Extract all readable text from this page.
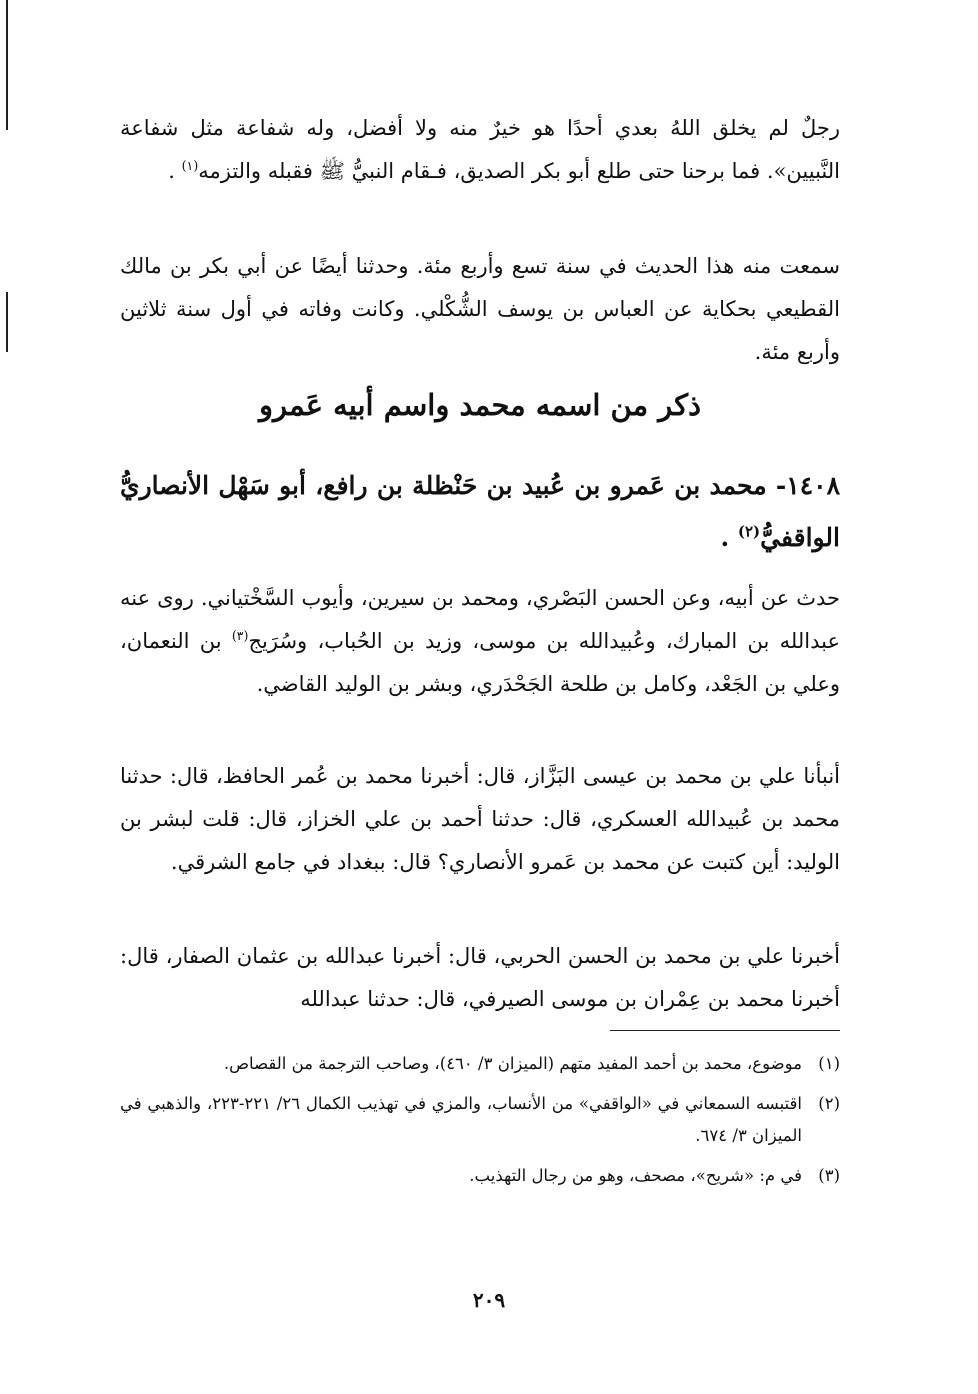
رجلٌ لم يخلق اللهُ بعدي أحدًا هو خيرٌ منه ولا أفضل، وله شفاعة مثل شفاعة النَّبيين». فما برحنا حتى طلع أبو بكر الصديق، فـقام النبيُّ ﷺ فقبله والتزمه$^{(١)}$ .

سمعت منه هذا الحديث في سنة تسع وأربع مئة. وحدثنا أيضًا عن أبي بكر بن مالك القطيعي بحكاية عن العباس بن يوسف الشُّكْلي. وكانت وفاته في أول سنة ثلاثين وأربع مئة.

ذكر من اسمه محمد واسم أبيه عَمرو
١٤٠٨- محمد بن عَمرو بن عُبيد بن حَنْظلة بن رافع، أبو سَهْل الأنصاريُّ الواقفيُّ$^{(٢)}$ .

حدث عن أبيه، وعن الحسن البَصْري، ومحمد بن سيرين، وأيوب السَّخْتياني. روى عنه عبدالله بن المبارك، وعُبيدالله بن موسى، وزيد بن الحُباب، وسُرَيج$^{(٣)}$ بن النعمان، وعلي بن الجَعْد، وكامل بن طلحة الجَحْدَري، وبشر بن الوليد القاضي.

أنبأنا علي بن محمد بن عيسى البَزَّاز، قال: أخبرنا محمد بن عُمر الحافظ، قال: حدثنا محمد بن عُبيدالله العسكري، قال: حدثنا أحمد بن علي الخزاز، قال: قلت لبشر بن الوليد: أين كتبت عن محمد بن عَمرو الأنصاري؟ قال: ببغداد في جامع الشرقي.

أخبرنا علي بن محمد بن الحسن الحربي، قال: أخبرنا عبدالله بن عثمان الصفار، قال: أخبرنا محمد بن عِمْران بن موسى الصيرفي، قال: حدثنا عبدالله

(١)
موضوع، محمد بن أحمد المفيد متهم (الميزان ٣/ ٤٦٠)، وصاحب الترجمة من القصاص.

(٢)
اقتبسه السمعاني في «الواقفي» من الأنساب، والمزي في تهذيب الكمال ٢٦/ ٢٢١-٢٢٣، والذهبي في الميزان ٣/ ٦٧٤.

(٣)
في م: «شريح»، مصحف، وهو من رجال التهذيب.

٢٠٩
